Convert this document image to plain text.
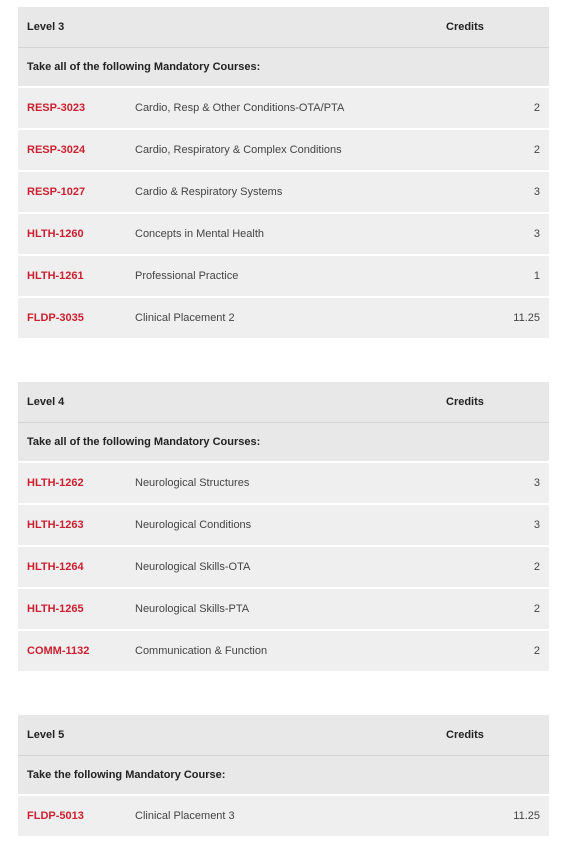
Level 3	Credits
Take all of the following Mandatory Courses:
RESP-3023	Cardio, Resp & Other Conditions-OTA/PTA	2
RESP-3024	Cardio, Respiratory & Complex Conditions	2
RESP-1027	Cardio & Respiratory Systems	3
HLTH-1260	Concepts in Mental Health	3
HLTH-1261	Professional Practice	1
FLDP-3035	Clinical Placement 2	11.25
Level 4	Credits
Take all of the following Mandatory Courses:
HLTH-1262	Neurological Structures	3
HLTH-1263	Neurological Conditions	3
HLTH-1264	Neurological Skills-OTA	2
HLTH-1265	Neurological Skills-PTA	2
COMM-1132	Communication & Function	2
Level 5	Credits
Take the following Mandatory Course:
FLDP-5013	Clinical Placement 3	11.25
